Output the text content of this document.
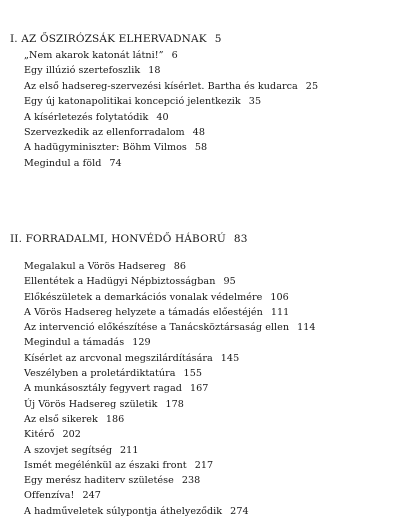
I. AZ ŐSZIRÓZSÁK ELHERVADNAK 5
„Nem akarok katonát látni!” 6
Egy illúzió szertefoszlik 18
Az első hadsereg-szervezési kísérlet. Bartha és kudarca 25
Egy új katonapolitikai koncepció jelentkezik 35
A kísérletezés folytatódik 40
Szervezkedik az ellenforradalom 48
A hadügyminiszter: Böhm Vilmos 58
Megindul a föld 74
II. FORRADALMI, HONVÉDŐ HÁBORÚ 83
Megalakul a Vörös Hadsereg 86
Ellentétek a Hadügyi Népbiztosságban 95
Előkészületek a demarkációs vonalak védelmére 106
A Vörös Hadsereg helyzete a támadás előestéjén 111
Az intervenció előkészítése a Tanácsköztársaság ellen 114
Megindul a támadás 129
Kísérlet az arcvonal megszilárdítására 145
Veszélyben a proletárdiktatúra 155
A munkásosztály fegyvert ragad 167
Új Vörös Hadsereg születik 178
Az első sikerek 186
Kitérő 202
A szovjet segítség 211
Ismét megélénkül az északi front 217
Egy merész haditerv születése 238
Offenzíva! 247
A hadműveletek súlypontja áthelyeződik 274
